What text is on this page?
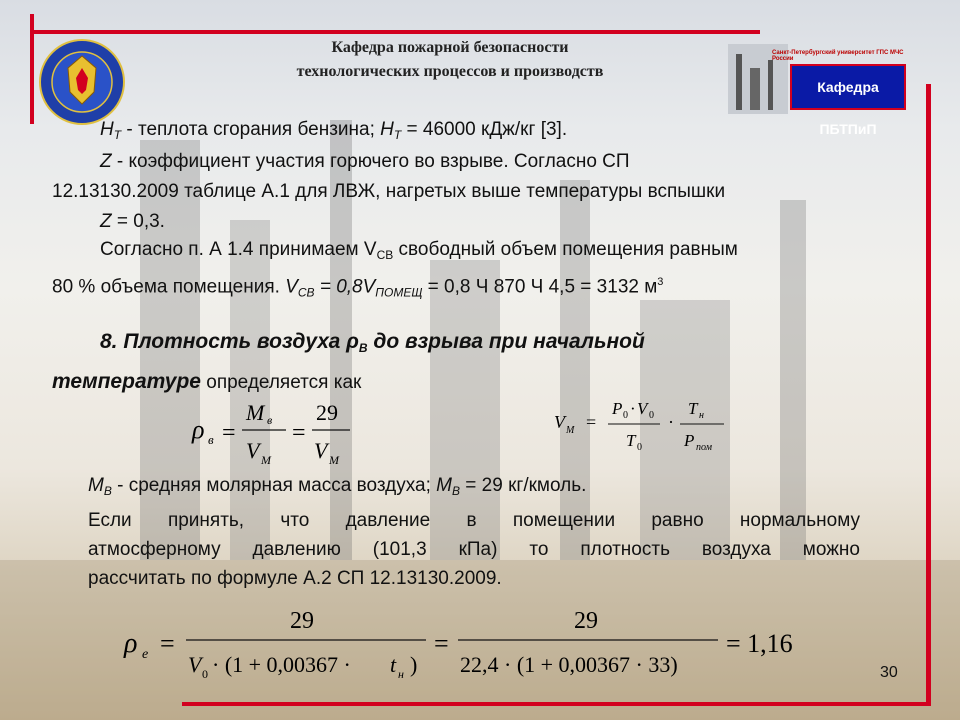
Кафедра пожарной безопасности
технологических процессов и производств
Санкт-Петербургский университет ГПС МЧС России
Кафедра ПБТПиП
$H_Т$ - теплота сгорания бензина; $H_Т = 46000$ кДж/кг [3].
Z - коэффициент участия горючего во взрыве. Согласно СП
12.13130.2009 таблице А.1 для ЛВЖ, нагретых выше температуры вспышки
Z = 0,3.
Согласно п. А 1.4 принимаем $V_{СВ}$ свободный объем помещения равным
80 % объема помещения. $V_{СВ} = 0,8V_{ПОМЕЩ} = 0,8$ Ч 870 Ч 4,5 = 3132 $м^3$
8. Плотность воздуха $\rho_В$ до взрыва при начальной
температуре определяется как
ρ в =
M в
V M
=
29
V M
V M =
P 0 · V 0
T 0
·
T н
P пом
$M_В$ - средняя молярная масса воздуха; $M_В = 29$ кг/кмоль.
Если принять, что давление в помещении равно нормальному
атмосферному давлению (101,3 кПа) то плотность воздуха можно
рассчитать по формуле А.2 СП 12.13130.2009.
ρ е =
29
V 0 · (1 + 0,00367 · t н )
=
29
22,4 · (1 + 0,00367 · 33)
= 1,16
30
